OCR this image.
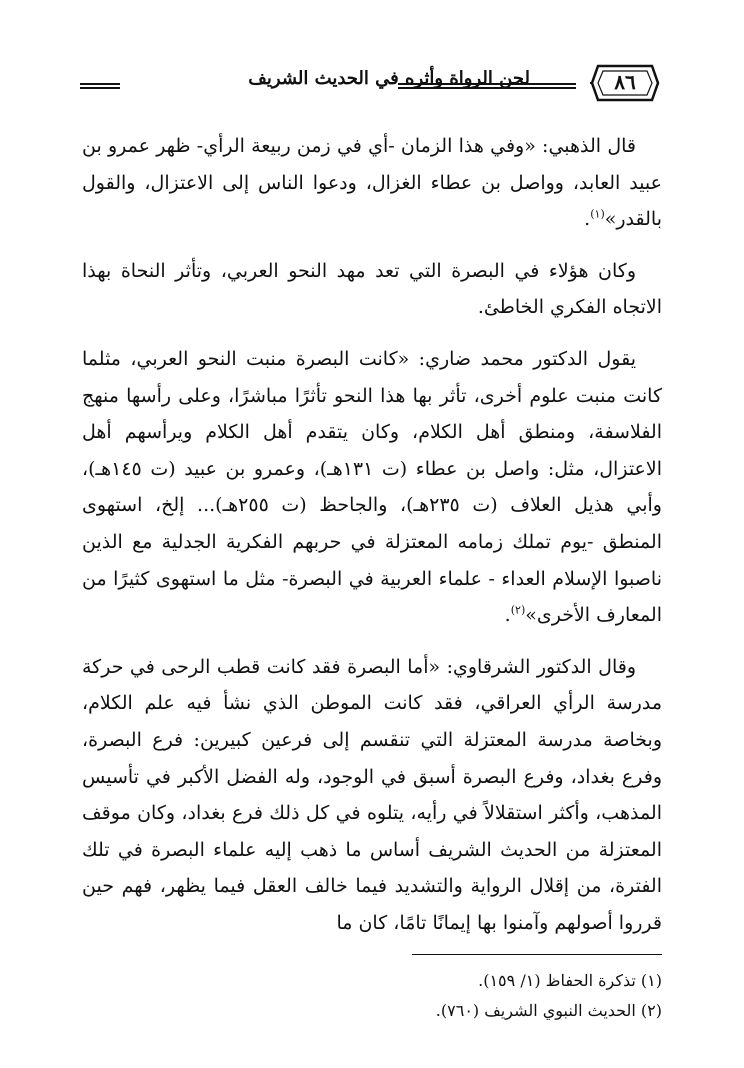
لحن الرواة وأثره في الحديث الشريف	٨٦

قال الذهبي: «وفي هذا الزمان -أي في زمن ربيعة الرأي- ظهر عمرو بن عبيد العابد، وواصل بن عطاء الغزال، ودعوا الناس إلى الاعتزال، والقول بالقدر»$^{(١)}$.

وكان هؤلاء في البصرة التي تعد مهد النحو العربي، وتأثر النحاة بهذا الاتجاه الفكري الخاطئ.

يقول الدكتور محمد ضاري: «كانت البصرة منبت النحو العربي، مثلما كانت منبت علوم أخرى، تأثر بها هذا النحو تأثرًا مباشرًا، وعلى رأسها منهج الفلاسفة، ومنطق أهل الكلام، وكان يتقدم أهل الكلام ويرأسهم أهل الاعتزال، مثل: واصل بن عطاء (ت ١٣١هـ)، وعمرو بن عبيد (ت ١٤٥هـ)، وأبي هذيل العلاف (ت ٢٣٥هـ)، والجاحظ (ت ٢٥٥هـ)... إلخ، استهوى المنطق -يوم تملك زمامه المعتزلة في حربهم الفكرية الجدلية مع الذين ناصبوا الإسلام العداء - علماء العربية في البصرة- مثل ما استهوى كثيرًا من المعارف الأخرى»$^{(٢)}$.

وقال الدكتور الشرقاوي: «أما البصرة فقد كانت قطب الرحى في حركة مدرسة الرأي العراقي، فقد كانت الموطن الذي نشأ فيه علم الكلام، وبخاصة مدرسة المعتزلة التي تنقسم إلى فرعين كبيرين: فرع البصرة، وفرع بغداد، وفرع البصرة أسبق في الوجود، وله الفضل الأكبر في تأسيس المذهب، وأكثر استقلالاً في رأيه، يتلوه في كل ذلك فرع بغداد، وكان موقف المعتزلة من الحديث الشريف أساس ما ذهب إليه علماء البصرة في تلك الفترة، من إقلال الرواية والتشديد فيما خالف العقل فيما يظهر، فهم حين قرروا أصولهم وآمنوا بها إيمانًا تامًا، كان ما

(١) تذكرة الحفاظ (١/ ١٥٩).

(٢) الحديث النبوي الشريف (٧٦٠).
